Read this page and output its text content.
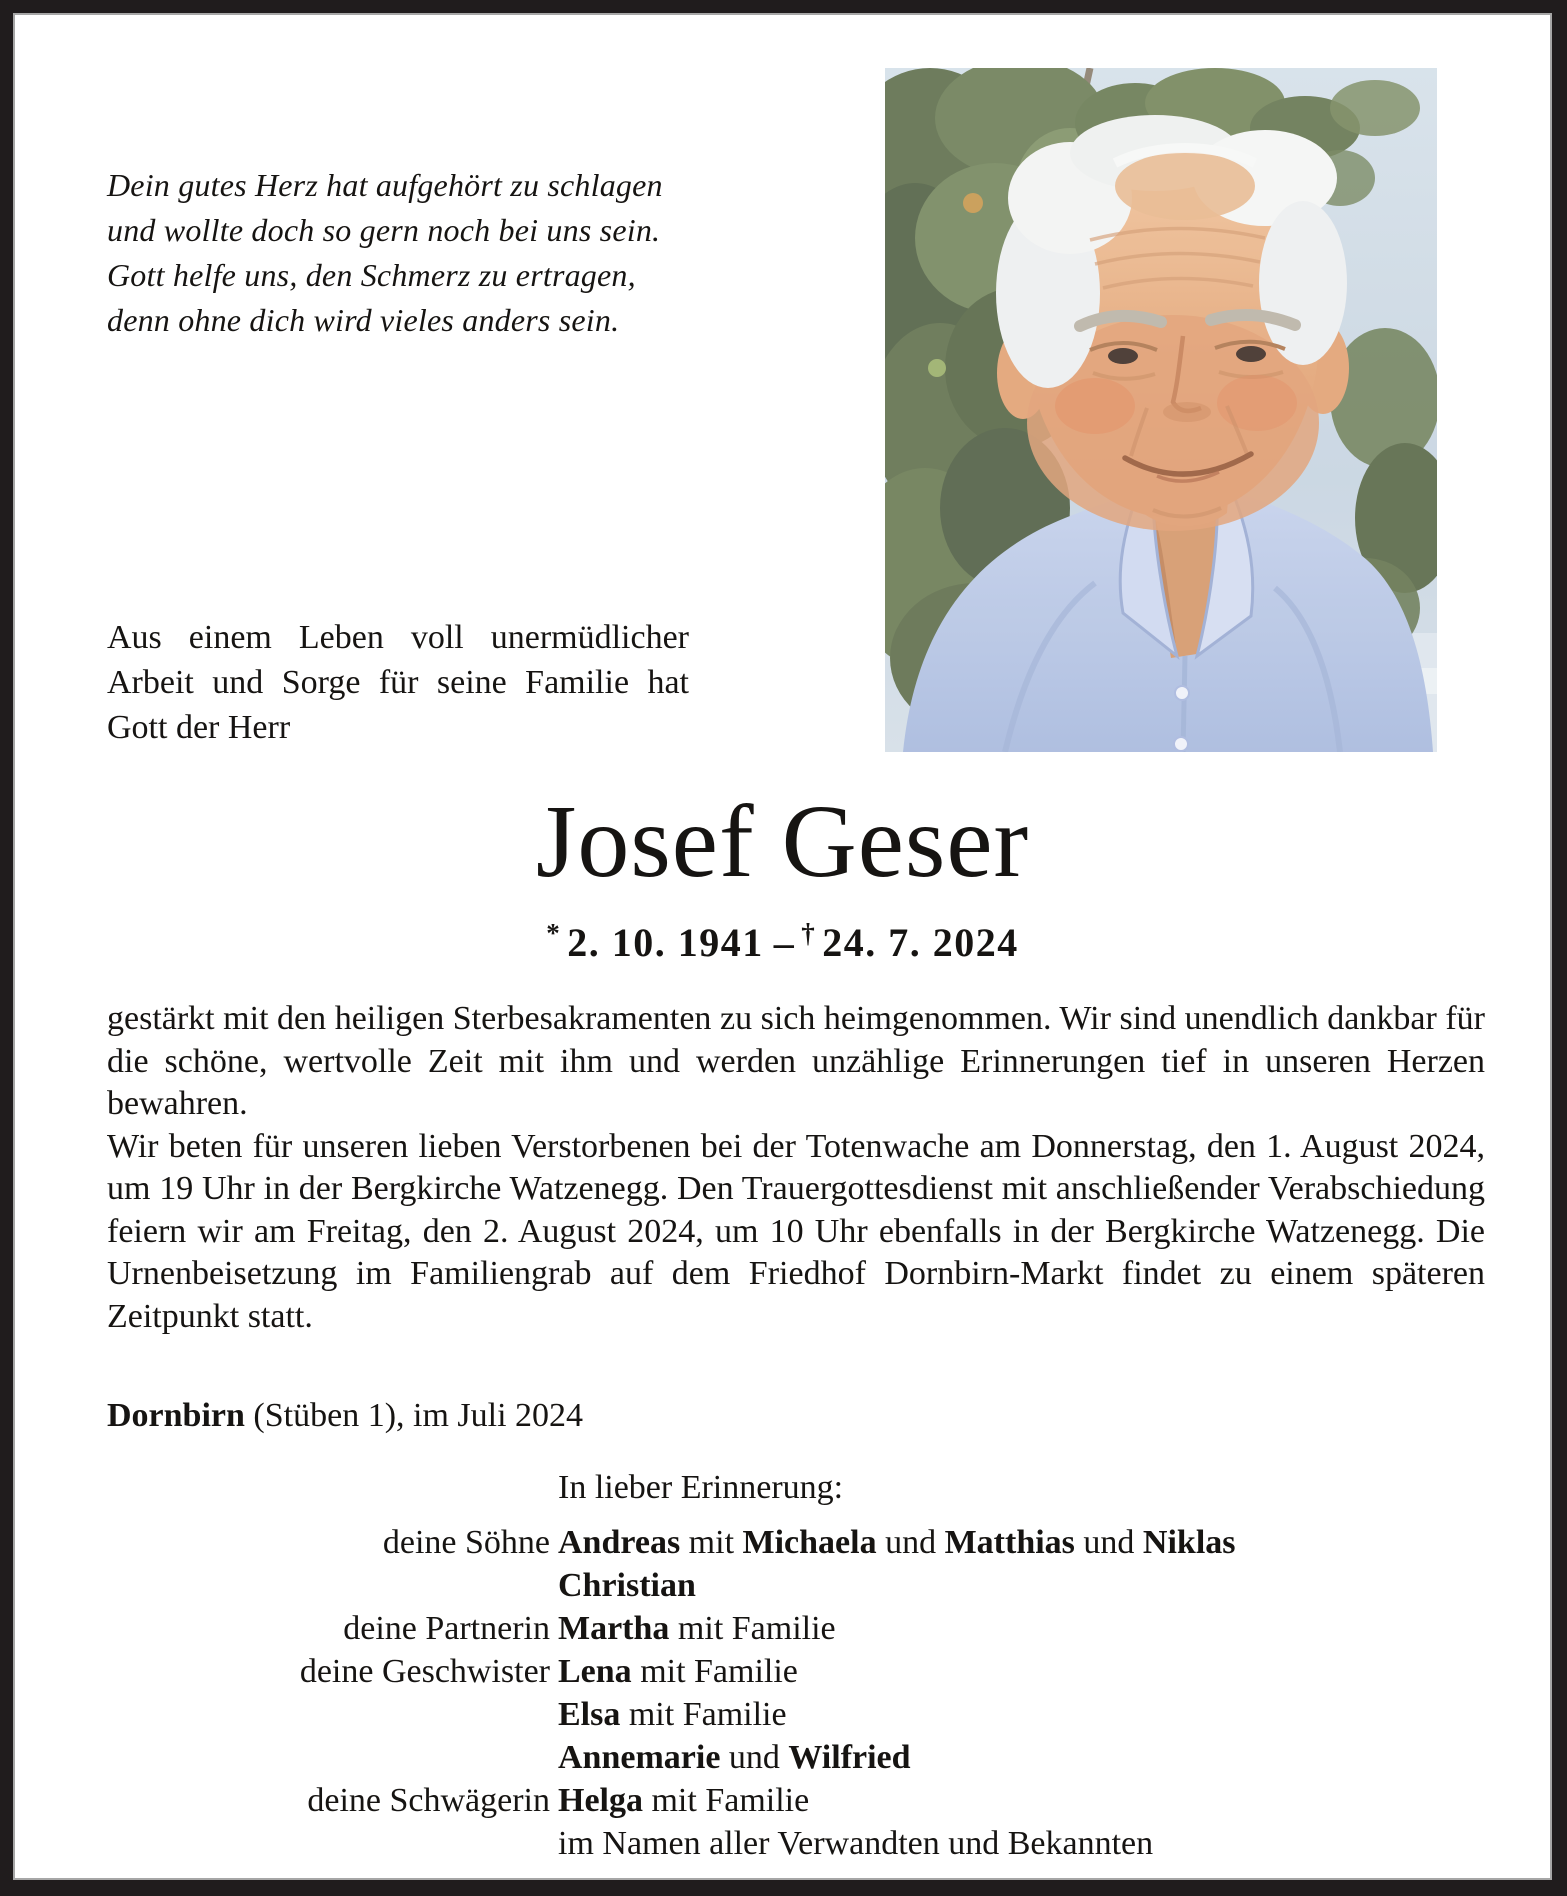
Dein gutes Herz hat aufgehört zu schlagen
und wollte doch so gern noch bei uns sein.
Gott helfe uns, den Schmerz zu ertragen,
denn ohne dich wird vieles anders sein.
Aus einem Leben voll unermüdlicher Arbeit und Sorge für seine Familie hat Gott der Herr
Josef Geser
* 2. 10. 1941 – † 24. 7. 2024

gestärkt mit den heiligen Sterbesakramenten zu sich heimgenommen. Wir sind unendlich dankbar für die schöne, wertvolle Zeit mit ihm und werden unzählige Erinnerungen tief in unseren Herzen bewahren.

Wir beten für unseren lieben Verstorbenen bei der Totenwache am Donnerstag, den 1. August 2024, um 19 Uhr in der Bergkirche Watzenegg. Den Trauergottesdienst mit anschließender Verabschiedung feiern wir am Freitag, den 2. August 2024, um 10 Uhr ebenfalls in der Bergkirche Watzenegg. Die Urnenbeisetzung im Familiengrab auf dem Friedhof Dornbirn-Markt findet zu einem späteren Zeitpunkt statt.

Dornbirn (Stüben 1), im Juli 2024
In lieber Erinnerung:
deine Söhne Andreas mit Michaela und Matthias und Niklas
Christian
deine Partnerin Martha mit Familie
deine Geschwister Lena mit Familie
Elsa mit Familie
Annemarie und Wilfried
deine Schwägerin Helga mit Familie
im Namen aller Verwandten und Bekannten
